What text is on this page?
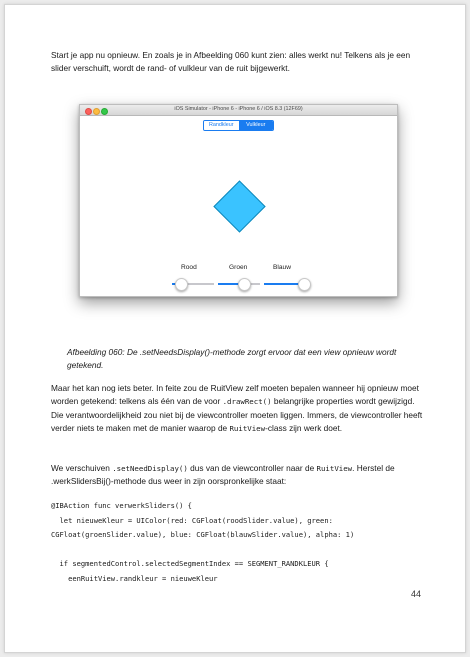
Start je app nu opnieuw. En zoals je in Afbeelding 060 kunt zien: alles werkt nu! Telkens als je een slider verschuift, wordt de rand- of vulkleur van de ruit bijgewerkt.

iOS Simulator - iPhone 6 - iPhone 6 / iOS 8.3 (12F69)
Randkleur	Vulkleur
Rood	Groen	Blauw

Afbeelding 060: De .setNeedsDisplay()-methode zorgt ervoor dat een view opnieuw wordt getekend.

Maar het kan nog iets beter. In feite zou de RuitView zelf moeten bepalen wanneer hij opnieuw moet worden getekend: telkens als één van de voor .drawRect() belangrijke properties wordt gewijzigd. Die verantwoordelijkheid zou niet bij de viewcontroller moeten liggen. Immers, de viewcontroller heeft verder niets te maken met de manier waarop de RuitView-class zijn werk doet.

We verschuiven .setNeedDisplay() dus van de viewcontroller naar de RuitView. Herstel de .werkSlidersBij()-methode dus weer in zijn oorspronkelijke staat:

@IBAction func verwerkSliders() {
let nieuweKleur = UIColor(red: CGFloat(roodSlider.value), green:
CGFloat(groenSlider.value), blue: CGFloat(blauwSlider.value), alpha: 1)
if segmentedControl.selectedSegmentIndex == SEGMENT_RANDKLEUR {
eenRuitView.randkleur = nieuweKleur
44
